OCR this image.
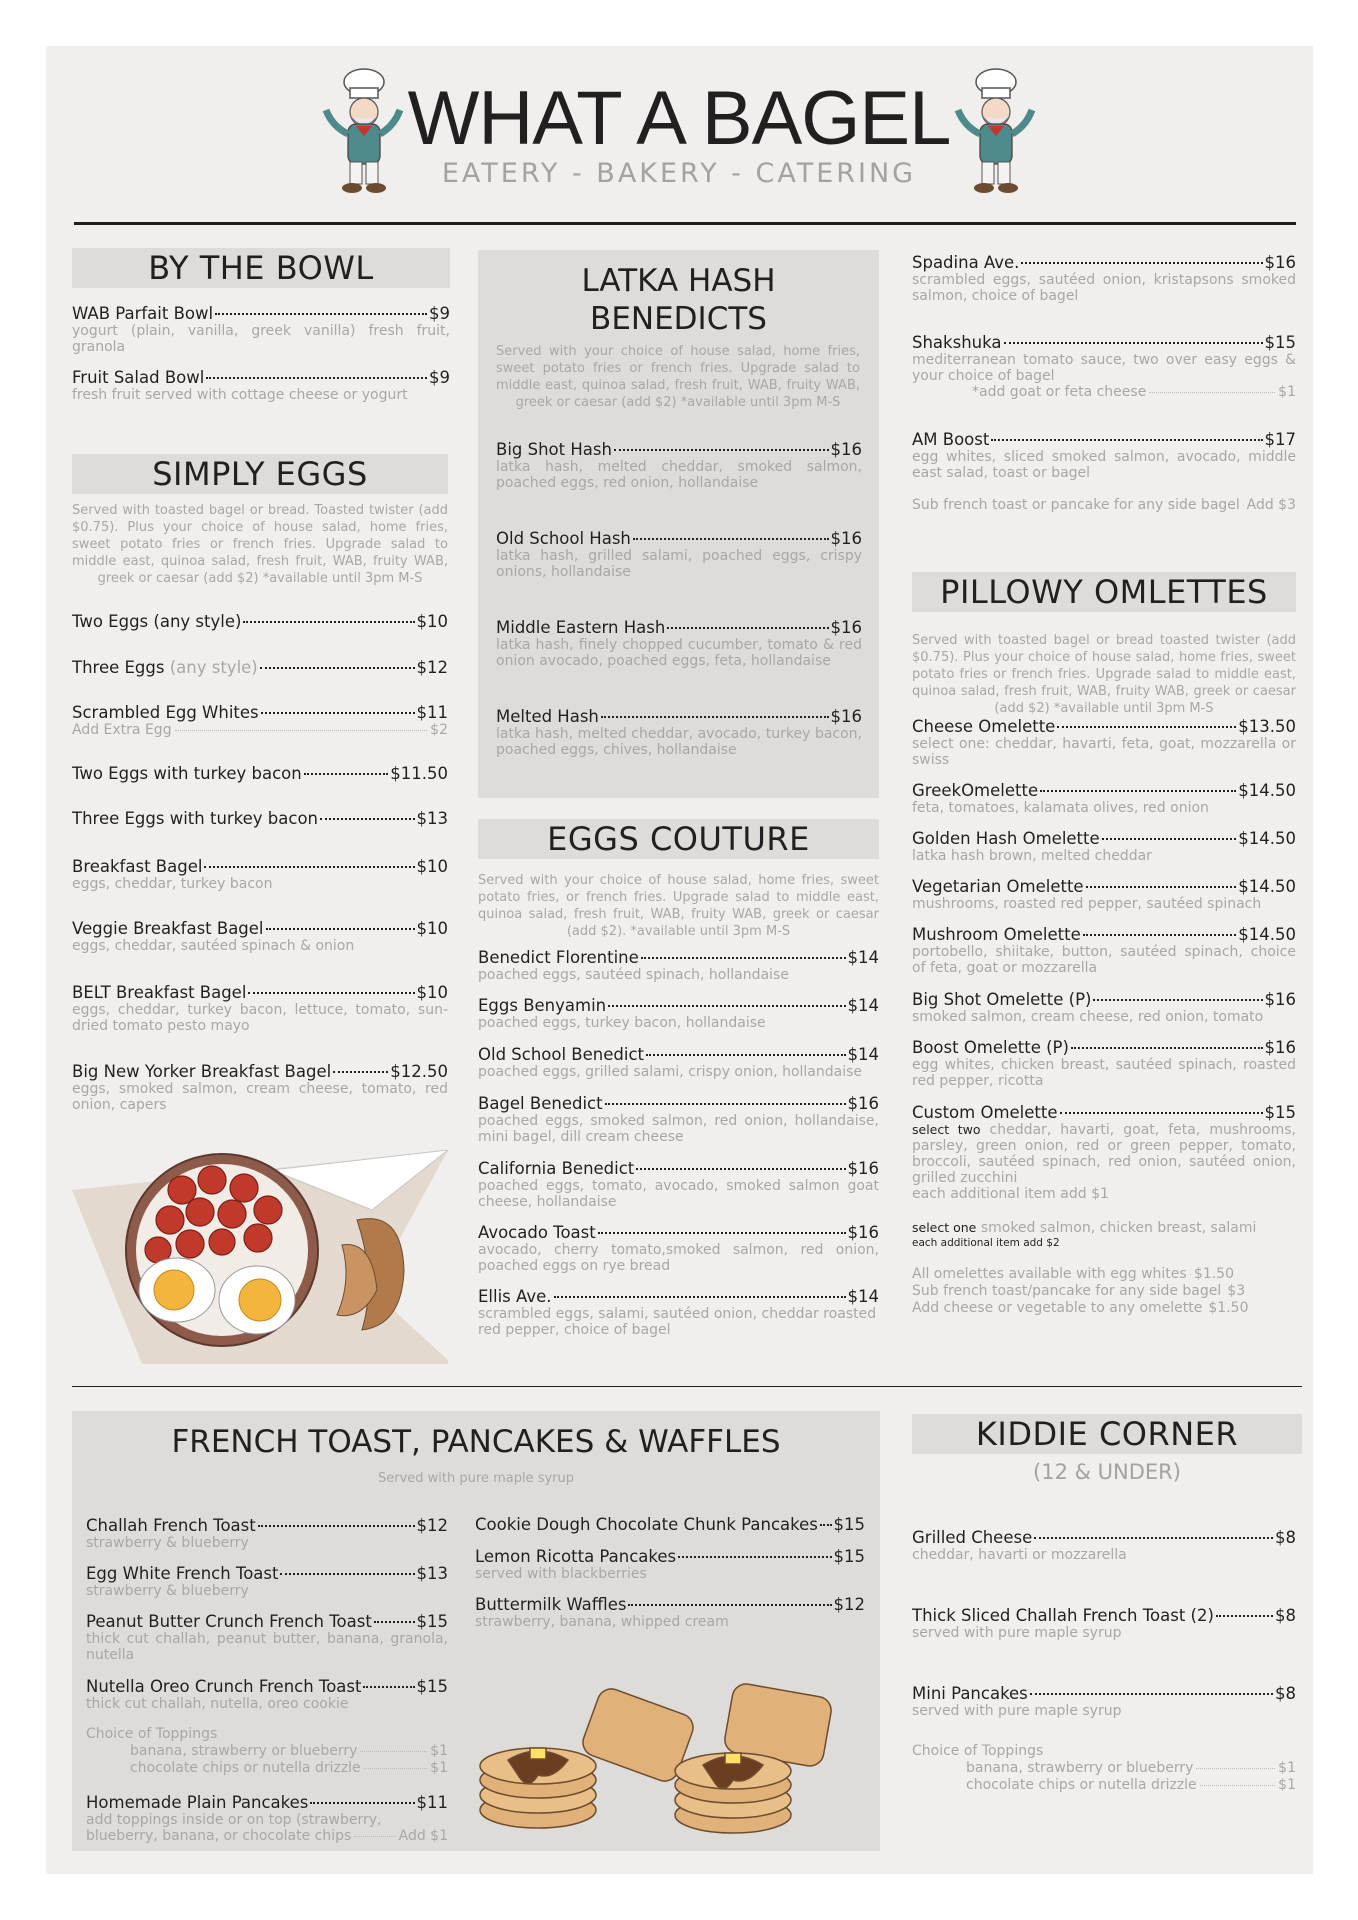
WHAT A BAGEL
EATERY - BAKERY - CATERING
BY THE BOWL
WAB Parfait Bowl	$9
yogurt (plain, vanilla, greek vanilla) fresh fruit, granola
Fruit Salad Bowl	$9
fresh fruit served with cottage cheese or yogurt
SIMPLY EGGS
Served with toasted bagel or bread. Toasted twister (add $0.75). Plus your choice of house salad, home fries, sweet potato fries or french fries. Upgrade salad to middle east, quinoa salad, fresh fruit, WAB, fruity WAB, greek or caesar (add $2) *available until 3pm M-S
Two Eggs (any style)	$10
Three Eggs (any style)	$12
Scrambled Egg Whites	$11
Add Extra Egg	$2
Two Eggs with turkey bacon	$11.50
Three Eggs with turkey bacon	$13
Breakfast Bagel	$10
eggs, cheddar, turkey bacon
Veggie Breakfast Bagel	$10
eggs, cheddar, sautéed spinach & onion
BELT Breakfast Bagel	$10
eggs, cheddar, turkey bacon, lettuce, tomato, sun-dried tomato pesto mayo
Big New Yorker Breakfast Bagel	$12.50
eggs, smoked salmon, cream cheese, tomato, red onion, capers
LATKA HASH
BENEDICTS
Served with your choice of house salad, home fries, sweet potato fries or french fries. Upgrade salad to middle east, quinoa salad, fresh fruit, WAB, fruity WAB, greek or caesar (add $2) *available until 3pm M-S
Big Shot Hash	$16
latka hash, melted cheddar, smoked salmon, poached eggs, red onion, hollandaise
Old School Hash	$16
latka hash, grilled salami, poached eggs, crispy onions, hollandaise
Middle Eastern Hash	$16
latka hash, finely chopped cucumber, tomato & red onion avocado, poached eggs, feta, hollandaise
Melted Hash	$16
latka hash, melted cheddar, avocado, turkey bacon, poached eggs, chives, hollandaise
EGGS COUTURE
Served with your choice of house salad, home fries, sweet potato fries, or french fries. Upgrade salad to middle east, quinoa salad, fresh fruit, WAB, fruity WAB, greek or caesar (add $2). *available until 3pm M-S
Benedict Florentine	$14
poached eggs, sautéed spinach, hollandaise
Eggs Benyamin	$14
poached eggs, turkey bacon, hollandaise
Old School Benedict	$14
poached eggs, grilled salami, crispy onion, hollandaise
Bagel Benedict	$16
poached eggs, smoked salmon, red onion, hollandaise, mini bagel, dill cream cheese
California Benedict	$16
poached eggs, tomato, avocado, smoked salmon goat cheese, hollandaise
Avocado Toast	$16
avocado, cherry tomato,smoked salmon, red onion, poached eggs on rye bread
Ellis Ave.	$14
scrambled eggs, salami, sautéed onion, cheddar roasted red pepper, choice of bagel
Spadina Ave.	$16
scrambled eggs, sautéed onion, kristapsons smoked salmon, choice of bagel
Shakshuka	$15
mediterranean tomato sauce, two over easy eggs & your choice of bagel
*add goat or feta cheese	$1
AM Boost	$17
egg whites, sliced smoked salmon, avocado, middle east salad, toast or bagel
Sub french toast or pancake for any side bagel Add $3
PILLOWY OMLETTES
Served with toasted bagel or bread toasted twister (add $0.75). Plus your choice of house salad, home fries, sweet potato fries or french fries. Upgrade salad to middle east, quinoa salad, fresh fruit, WAB, fruity WAB, greek or caesar (add $2) *available until 3pm M-S
Cheese Omelette	$13.50
select one: cheddar, havarti, feta, goat, mozzarella or swiss
GreekOmelette	$14.50
feta, tomatoes, kalamata olives, red onion
Golden Hash Omelette	$14.50
latka hash brown, melted cheddar
Vegetarian Omelette	$14.50
mushrooms, roasted red pepper, sautéed spinach
Mushroom Omelette	$14.50
portobello, shiitake, button, sautéed spinach, choice of feta, goat or mozzarella
Big Shot Omelette (P)	$16
smoked salmon, cream cheese, red onion, tomato
Boost Omelette (P)	$16
egg whites, chicken breast, sautéed spinach, roasted red pepper, ricotta
Custom Omelette	$15
select two cheddar, havarti, goat, feta, mushrooms, parsley, green onion, red or green pepper, tomato, broccoli, sautéed spinach, red onion, sautéed onion, grilled zucchini
each additional item add $1
select one smoked salmon, chicken breast, salami
each additional item add $2
All omelettes available with egg whites $1.50
Sub french toast/pancake for any side bagel $3
Add cheese or vegetable to any omelette $1.50
FRENCH TOAST, PANCAKES & WAFFLES
Served with pure maple syrup
Challah French Toast	$12
strawberry & blueberry
Egg White French Toast	$13
strawberry & blueberry
Peanut Butter Crunch French Toast	$15
thick cut challah, peanut butter, banana, granola, nutella
Nutella Oreo Crunch French Toast	$15
thick cut challah, nutella, oreo cookie
Choice of Toppings
banana, strawberry or blueberry	$1
chocolate chips or nutella drizzle	$1
Homemade Plain Pancakes	$11
add toppings inside or on top (strawberry,
blueberry, banana, or chocolate chips	Add $1
Cookie Dough Chocolate Chunk Pancakes $15
Lemon Ricotta Pancakes	$15
served with blackberries
Buttermilk Waffles	$12
strawberry, banana, whipped cream
KIDDIE CORNER
(12 & UNDER)
Grilled Cheese	$8
cheddar, havarti or mozzarella
Thick Sliced Challah French Toast (2)	$8
served with pure maple syrup
Mini Pancakes	$8
served with pure maple syrup
Choice of Toppings
banana, strawberry or blueberry	$1
chocolate chips or nutella drizzle	$1
